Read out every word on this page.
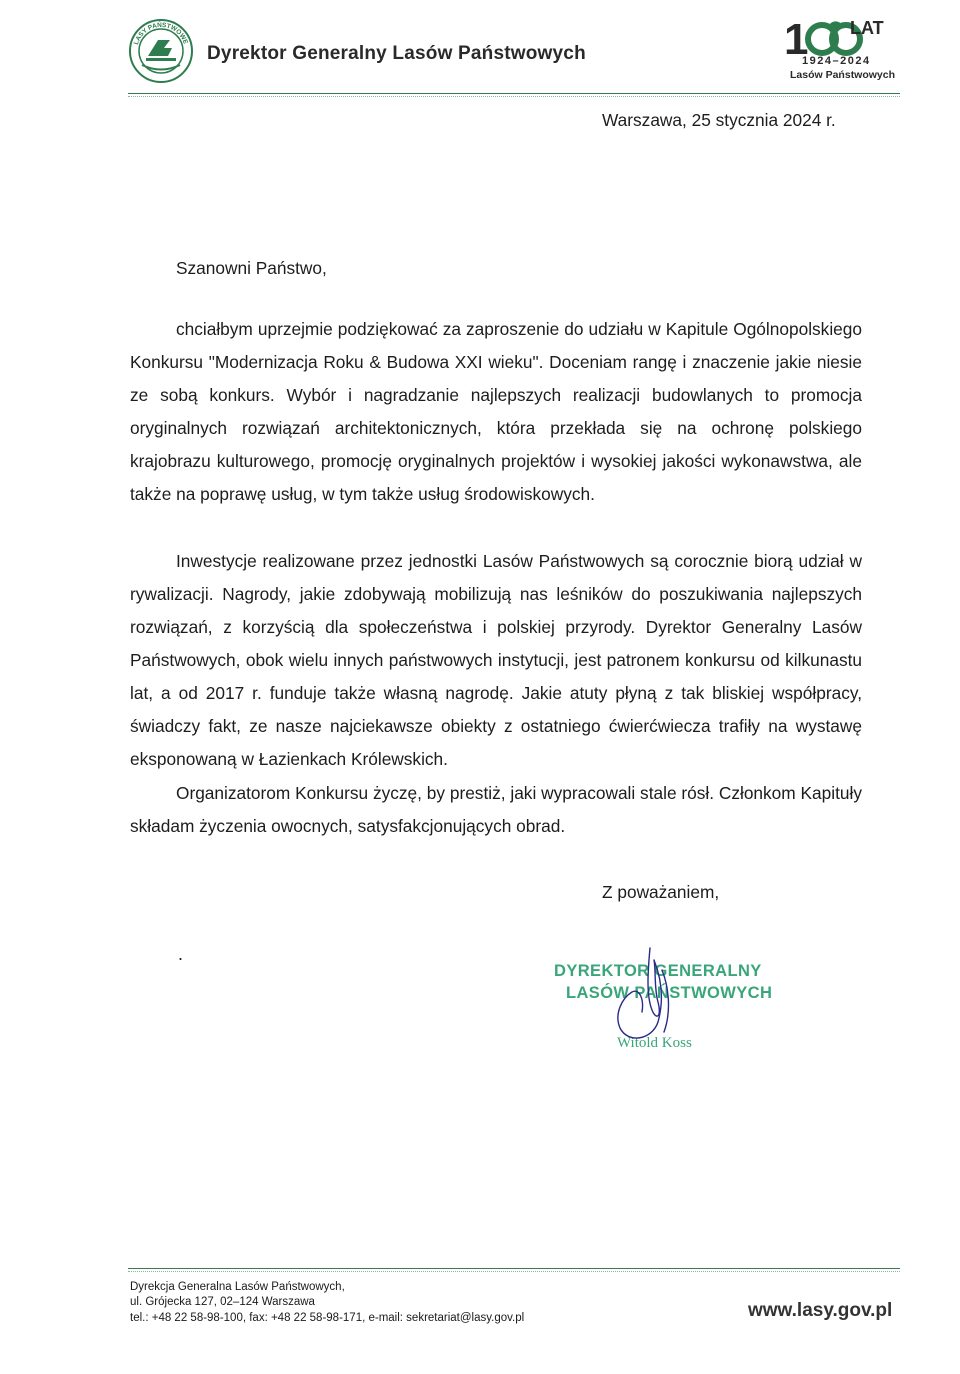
LASY PAŃSTWOWE
Dyrektor Generalny Lasów Państwowych	1 LAT
1924–2024
Lasów Państwowych
Warszawa, 25 stycznia 2024 r.
Szanowni Państwo,
chciałbym uprzejmie podziękować za zaproszenie do udziału w Kapitule Ogólnopolskiego Konkursu "Modernizacja Roku & Budowa XXI wieku". Doceniam rangę i znaczenie jakie niesie ze sobą konkurs. Wybór i nagradzanie najlepszych realizacji budowlanych to promocja oryginalnych rozwiązań architektonicznych, która przekłada się na ochronę polskiego krajobrazu kulturowego, promocję oryginalnych projektów i wysokiej jakości wykonawstwa, ale także na poprawę usług, w tym także usług środowiskowych.
Inwestycje realizowane przez jednostki Lasów Państwowych są corocznie biorą udział w rywalizacji. Nagrody, jakie zdobywają mobilizują nas leśników do poszukiwania najlepszych rozwiązań, z korzyścią dla społeczeństwa i polskiej przyrody. Dyrektor Generalny Lasów Państwowych, obok wielu innych państwowych instytucji, jest patronem konkursu od kilkunastu lat, a od 2017 r. funduje także własną nagrodę. Jakie atuty płyną z tak bliskiej współpracy, świadczy fakt, ze nasze najciekawsze obiekty z ostatniego ćwierćwiecza trafiły na wystawę eksponowaną w Łazienkach Królewskich.
Organizatorom Konkursu życzę, by prestiż, jaki wypracowali stale rósł. Członkom Kapituły składam życzenia owocnych, satysfakcjonujących obrad.
Z poważaniem,
.
DYREKTOR GENERALNY
LASÓW PAŃSTWOWYCH
Witold Koss
Dyrekcja Generalna Lasów Państwowych,
ul. Grójecka 127, 02–124 Warszawa
tel.: +48 22 58-98-100, fax: +48 22 58-98-171, e-mail: sekretariat@lasy.gov.pl	www.lasy.gov.pl
